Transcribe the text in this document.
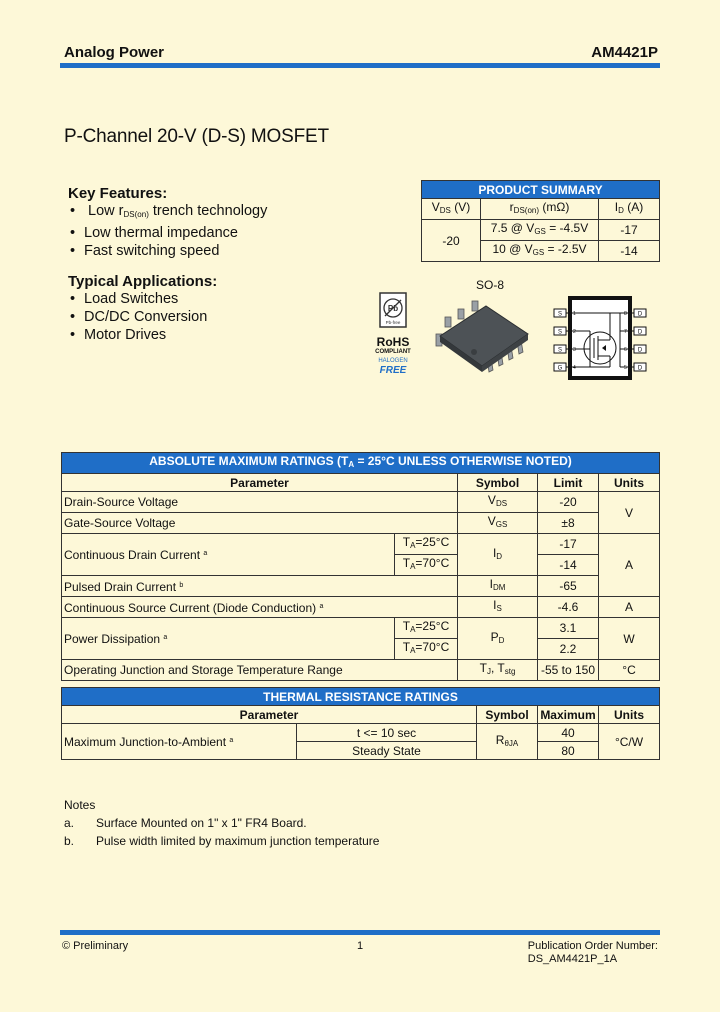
Analog Power	AM4421P
P-Channel 20-V (D-S) MOSFET
Key Features:
• Low $r_{DS(on)}$ trench technology
• Low thermal impedance
• Fast switching speed
Typical Applications:
• Load Switches
• DC/DC Conversion
• Motor Drives
PRODUCT SUMMARY		
$V_{DS}$ (V)	$r_{DS(on)}$ (mΩ)	$I_D$ (A)
-20	7.5 @ $V_{GS} = -4.5V$	-17
	10 @ $V_{GS} = -2.5V$	-14
SO-8
Pb
Pb-free
RoHS
COMPLIANT
HALOGEN
FREE
S
S
S
G
D
D
D
D
1
2
3
4
8
7
6
5
ABSOLUTE MAXIMUM RATINGS ($T_A = 25^\circ C$ UNLESS OTHERWISE NOTED)				
Parameter		Symbol	Limit	Units
Drain-Source Voltage		$V_{DS}$	-20	V
Gate-Source Voltage		$V_{GS}$	±8	
Continuous Drain Current $^a$	$T_A=25^\circ C$	$I_D$	-17	A
	$T_A=70^\circ C$		-14	
Pulsed Drain Current $^b$		$I_{DM}$	-65	
Continuous Source Current (Diode Conduction) $^a$		$I_S$	-4.6	A
Power Dissipation $^a$	$T_A=25^\circ C$	$P_D$	3.1	W
	$T_A=70^\circ C$		2.2	
Operating Junction and Storage Temperature Range		$T_J$, $T_{stg}$	-55 to 150	°C
THERMAL RESISTANCE RATINGS				
Parameter		Symbol	Maximum	Units
Maximum Junction-to-Ambient $^a$	t <= 10 sec	$R_{\theta JA}$	40	°C/W
	Steady State		80	
Notes
a. Surface Mounted on 1" x 1" FR4 Board.
b. Pulse width limited by maximum junction temperature
© Preliminary	1	Publication Order Number:
DS_AM4421P_1A
